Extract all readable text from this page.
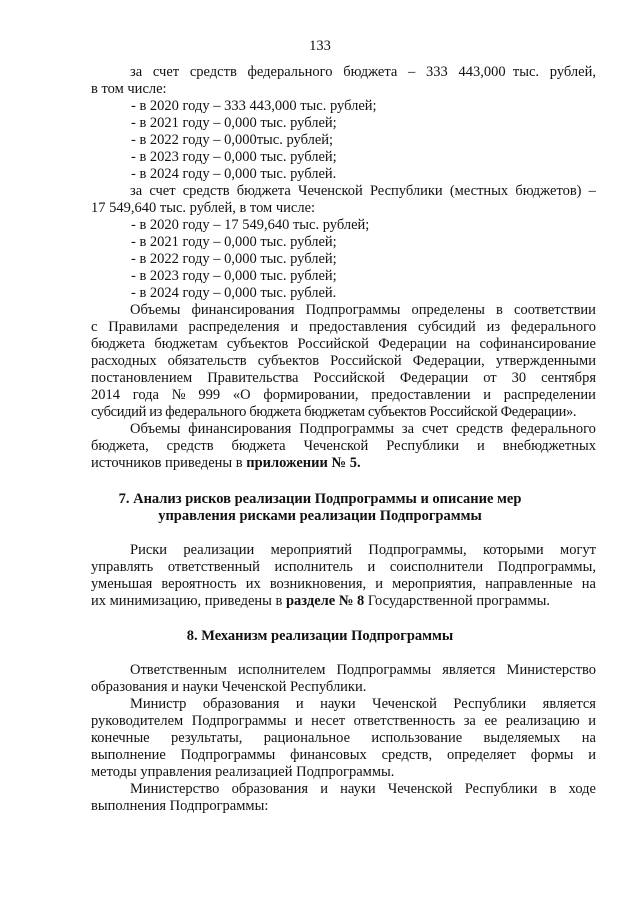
133
за счет средств федерального бюджета – 333 443,000  тыс. рублей,
в том числе:
- в 2020 году – 333 443,000 тыс. рублей;
- в 2021 году – 0,000 тыс. рублей;
- в 2022 году – 0,000тыс. рублей;
- в 2023 году – 0,000 тыс. рублей;
- в 2024 году – 0,000 тыс. рублей.
за счет средств бюджета Чеченской Республики (местных бюджетов) –
17 549,640 тыс. рублей, в том числе:
- в 2020 году – 17 549,640 тыс. рублей;
- в 2021 году – 0,000 тыс. рублей;
- в 2022 году – 0,000 тыс. рублей;
- в 2023 году – 0,000 тыс. рублей;
- в 2024 году – 0,000 тыс. рублей.
Объемы финансирования Подпрограммы определены в соответствии
с Правилами распределения и предоставления субсидий из федерального
бюджета бюджетам субъектов Российской Федерации на софинансирование
расходных обязательств субъектов Российской Федерации, утвержденными
постановлением Правительства Российской Федерации от 30 сентября
2014 года № 999 «О формировании, предоставлении и распределении
субсидий из федерального бюджета бюджетам субъектов Российской Федерации».
Объемы финансирования Подпрограммы за счет средств федерального
бюджета, средств бюджета Чеченской Республики и внебюджетных
источников приведены в приложении № 5.
7. Анализ рисков реализации Подпрограммы и описание мер
управления рисками реализации Подпрограммы
Риски реализации мероприятий Подпрограммы, которыми могут
управлять ответственный исполнитель и соисполнители Подпрограммы,
уменьшая вероятность их возникновения, и мероприятия, направленные на
их минимизацию, приведены в разделе № 8 Государственной программы.
8. Механизм реализации Подпрограммы
Ответственным исполнителем Подпрограммы является Министерство
образования и науки Чеченской Республики.
Министр образования и науки Чеченской Республики является
руководителем Подпрограммы и несет ответственность за ее реализацию и
конечные результаты, рациональное использование выделяемых на
выполнение Подпрограммы финансовых средств, определяет формы и
методы управления реализацией Подпрограммы.
Министерство образования и науки Чеченской Республики в ходе
выполнения Подпрограммы:
